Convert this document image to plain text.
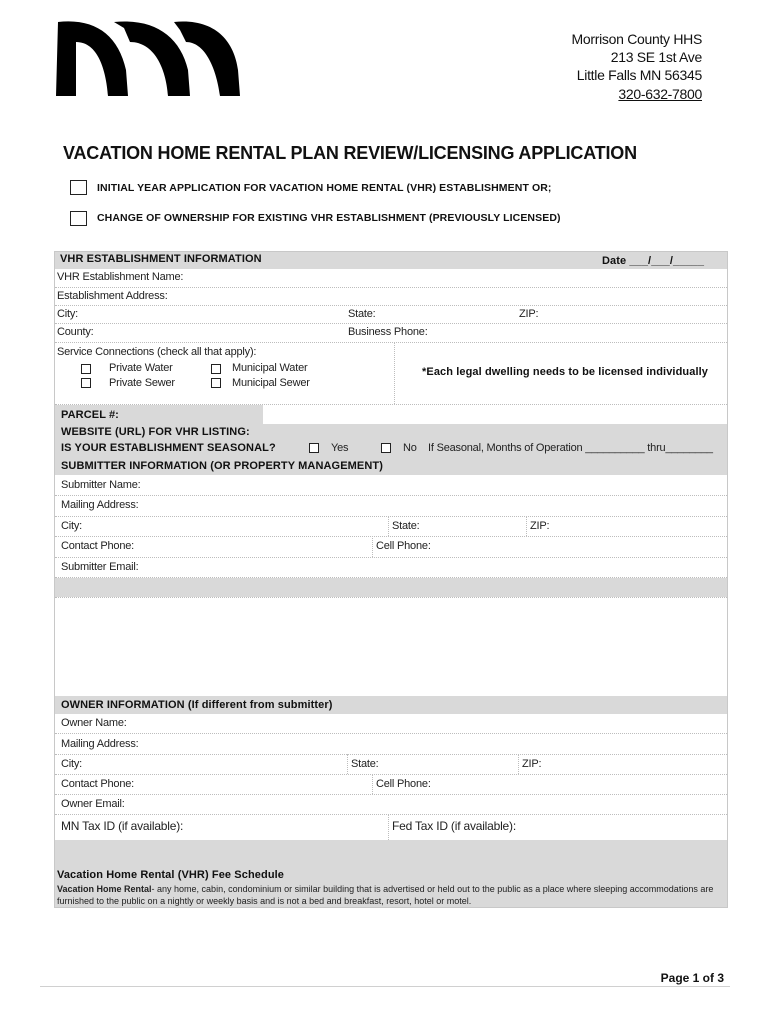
Morrison County HHS
213 SE 1st Ave
Little Falls MN 56345
320-632-7800
VACATION HOME RENTAL PLAN REVIEW/LICENSING APPLICATION
INITIAL YEAR APPLICATION FOR VACATION HOME RENTAL (VHR) ESTABLISHMENT OR;
CHANGE OF OWNERSHIP FOR EXISTING VHR ESTABLISHMENT (PREVIOUSLY LICENSED)
VHR ESTABLISHMENT INFORMATION	Date ___/___/_____
VHR Establishment Name:
Establishment Address:
City:	State:	ZIP:
County:	Business Phone:
Service Connections (check all that apply):
Private Water	Municipal Water
Private Sewer	Municipal Sewer
*Each legal dwelling needs to be licensed individually
PARCEL #:
WEBSITE (URL) FOR VHR LISTING:
IS YOUR ESTABLISHMENT SEASONAL?	Yes	No If Seasonal, Months of Operation __________ thru________
SUBMITTER INFORMATION (OR PROPERTY MANAGEMENT)
Submitter Name:
Mailing Address:
City:	State:	ZIP:
Contact Phone:	Cell Phone:
Submitter Email:
OWNER INFORMATION (If different from submitter)
Owner Name:
Mailing Address:
City:	State:	ZIP:
Contact Phone:	Cell Phone:
Owner Email:
MN Tax ID (if available):	Fed Tax ID (if available):
Vacation Home Rental (VHR) Fee Schedule
Vacation Home Rental- any home, cabin, condominium or similar building that is advertised or held out to the public as a place where sleeping accommodations are furnished to the public on a nightly or weekly basis and is not a bed and breakfast, resort, hotel or motel.
Page 1 of 3
